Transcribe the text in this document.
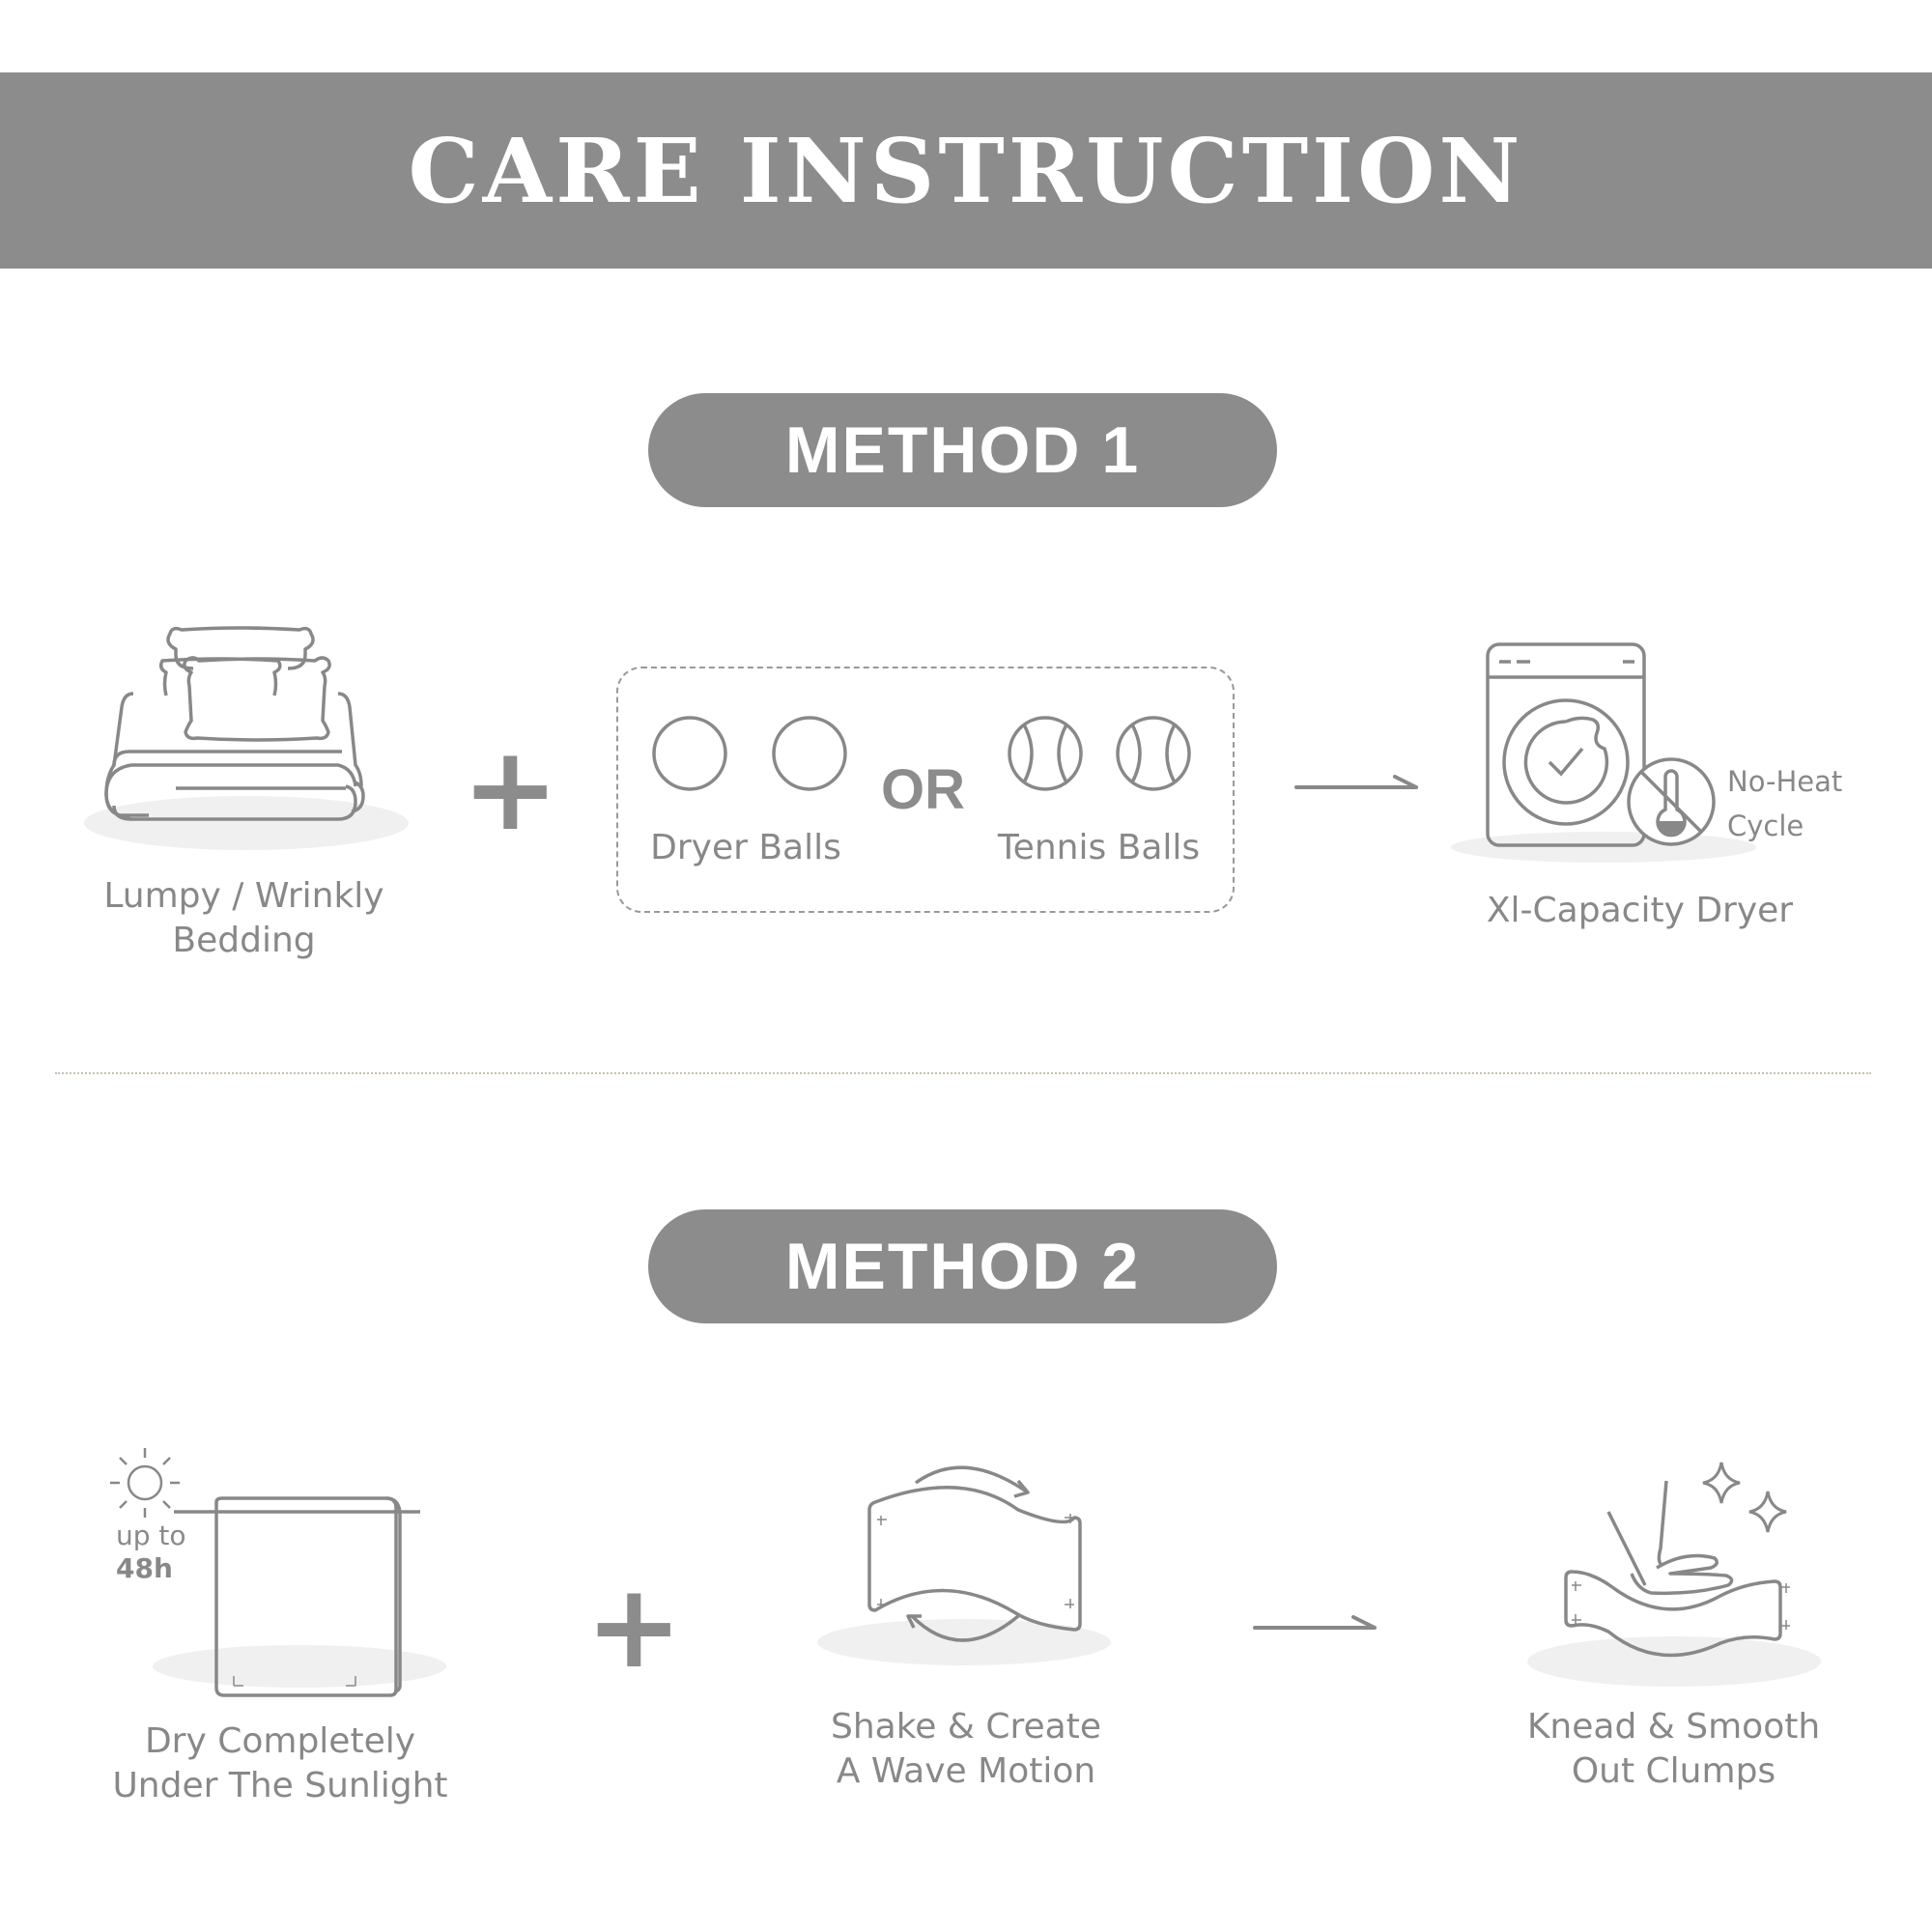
CARE INSTRUCTION
METHOD 1
Lumpy / Wrinkly
Bedding
+	OR
Dryer Balls	Tennis Balls
No-Heat
Cycle
Xl-Capacity Dryer
METHOD 2
up to
48h
Dry Completely
Under The Sunlight
+
Shake & Create
A Wave Motion
Knead & Smooth
Out Clumps
